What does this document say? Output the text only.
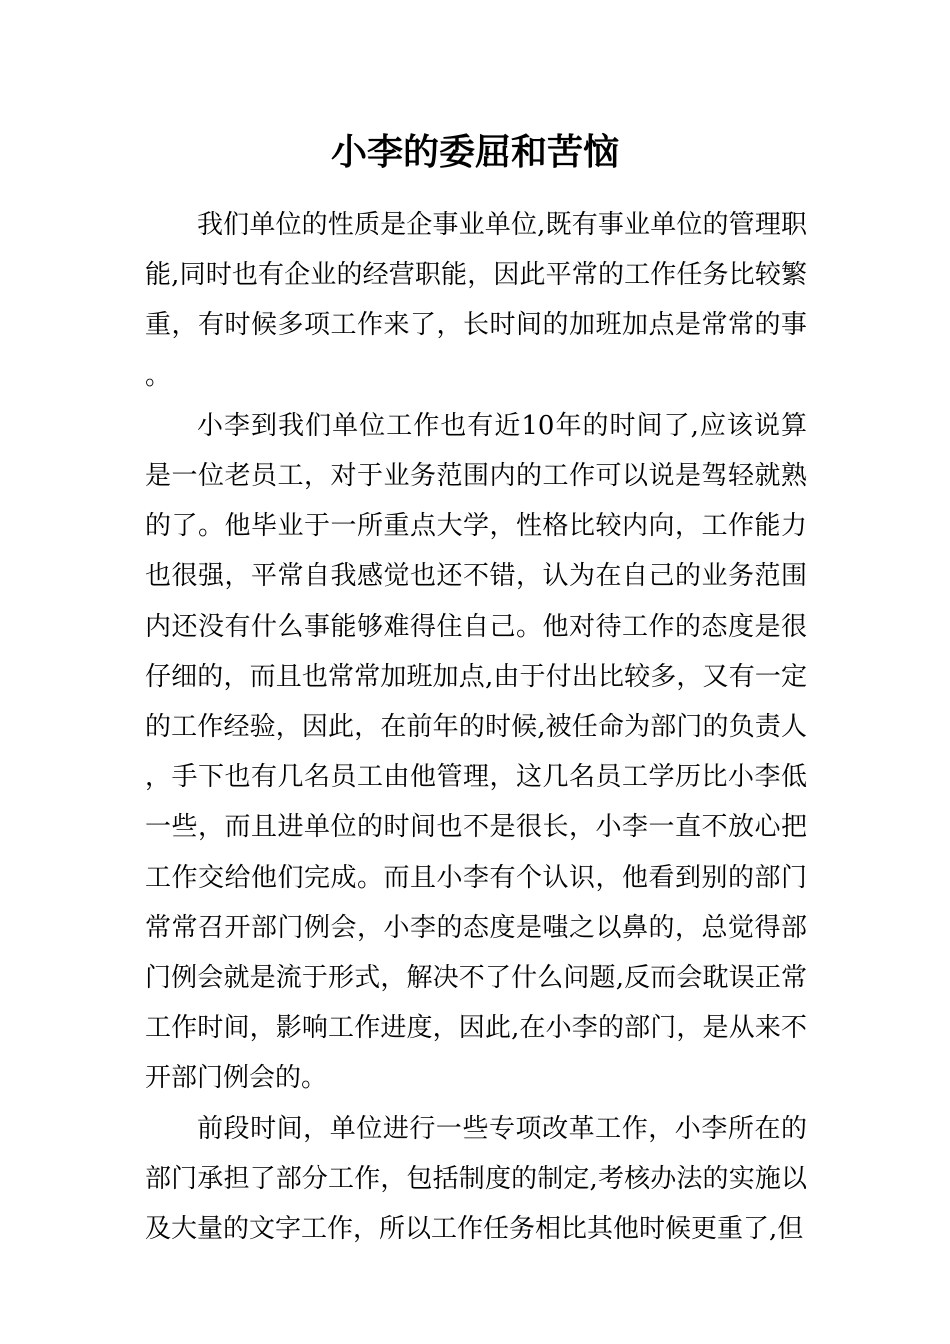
小李的委屈和苦恼

我们单位的性质是企事业单位,既有事业单位的管理职能,同时也有企业的经营职能，因此平常的工作任务比较繁重，有时候多项工作来了，长时间的加班加点是常常的事。

小李到我们单位工作也有近10年的时间了,应该说算是一位老员工，对于业务范围内的工作可以说是驾轻就熟的了。他毕业于一所重点大学，性格比较内向，工作能力也很强，平常自我感觉也还不错，认为在自己的业务范围内还没有什么事能够难得住自己。他对待工作的态度是很仔细的，而且也常常加班加点,由于付出比较多，又有一定的工作经验，因此，在前年的时候,被任命为部门的负责人，手下也有几名员工由他管理，这几名员工学历比小李低一些，而且进单位的时间也不是很长，小李一直不放心把工作交给他们完成。而且小李有个认识，他看到别的部门常常召开部门例会，小李的态度是嗤之以鼻的，总觉得部门例会就是流于形式，解决不了什么问题,反而会耽误正常工作时间，影响工作进度，因此,在小李的部门，是从来不开部门例会的。

前段时间，单位进行一些专项改革工作，小李所在的部门承担了部分工作，包括制度的制定,考核办法的实施以及大量的文字工作，所以工作任务相比其他时候更重了,但
